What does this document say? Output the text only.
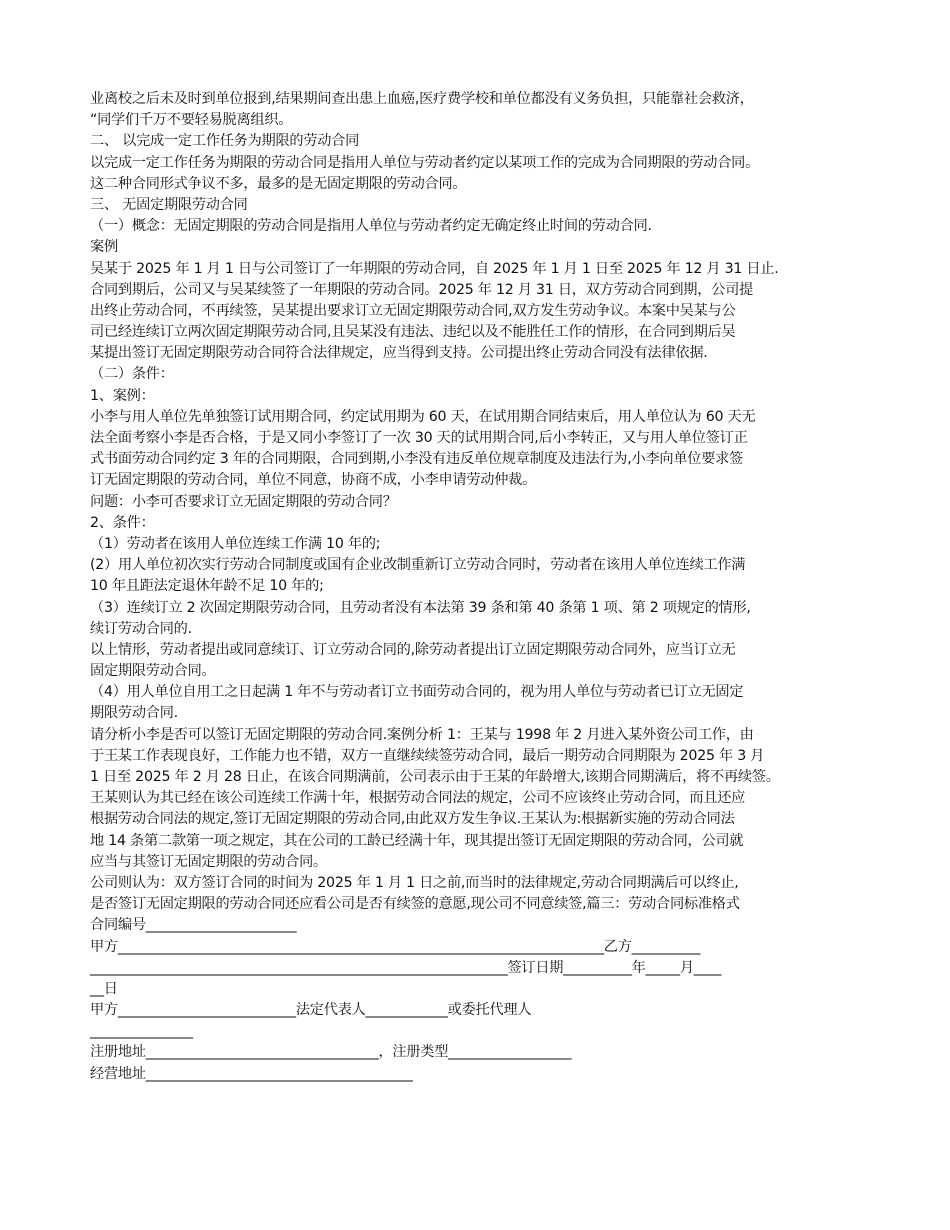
业离校之后未及时到单位报到,结果期间查出患上血癌,医疗费学校和单位都没有义务负担，只能靠社会救济，
“同学们千万不要轻易脱离组织。
二、 以完成一定工作任务为期限的劳动合同
以完成一定工作任务为期限的劳动合同是指用人单位与劳动者约定以某项工作的完成为合同期限的劳动合同。
这二种合同形式争议不多，最多的是无固定期限的劳动合同。
三、 无固定期限劳动合同
（一）概念：无固定期限的劳动合同是指用人单位与劳动者约定无确定终止时间的劳动合同.
案例
吴某于 2025 年 1 月 1 日与公司签订了一年期限的劳动合同，自 2025 年 1 月 1 日至 2025 年 12 月 31 日止.
合同到期后，公司又与吴某续签了一年期限的劳动合同。2025 年 12 月 31 日，双方劳动合同到期，公司提
出终止劳动合同，不再续签，吴某提出要求订立无固定期限劳动合同,双方发生劳动争议。本案中吴某与公
司已经连续订立两次固定期限劳动合同,且吴某没有违法、违纪以及不能胜任工作的情形，在合同到期后吴
某提出签订无固定期限劳动合同符合法律规定，应当得到支持。公司提出终止劳动合同没有法律依据.
（二）条件：
1、案例：
小李与用人单位先单独签订试用期合同，约定试用期为 60 天，在试用期合同结束后，用人单位认为 60 天无
法全面考察小李是否合格，于是又同小李签订了一次 30 天的试用期合同,后小李转正，又与用人单位签订正
式书面劳动合同约定 3 年的合同期限，合同到期,小李没有违反单位规章制度及违法行为,小李向单位要求签
订无固定期限的劳动合同，单位不同意，协商不成，小李申请劳动仲裁。
问题：小李可否要求订立无固定期限的劳动合同？
2、条件：
（1）劳动者在该用人单位连续工作满 10 年的;
(2）用人单位初次实行劳动合同制度或国有企业改制重新订立劳动合同时，劳动者在该用人单位连续工作满
10 年且距法定退休年龄不足 10 年的;
（3）连续订立 2 次固定期限劳动合同，且劳动者没有本法第 39 条和第 40 条第 1 项、第 2 项规定的情形,
续订劳动合同的.
以上情形，劳动者提出或同意续订、订立劳动合同的,除劳动者提出订立固定期限劳动合同外，应当订立无
固定期限劳动合同。
（4）用人单位自用工之日起满 1 年不与劳动者订立书面劳动合同的，视为用人单位与劳动者已订立无固定
期限劳动合同.
请分析小李是否可以签订无固定期限的劳动合同.案例分析 1：王某与 1998 年 2 月进入某外资公司工作，由
于王某工作表现良好，工作能力也不错，双方一直继续续签劳动合同，最后一期劳动合同期限为 2025 年 3 月
1 日至 2025 年 2 月 28 日止，在该合同期满前，公司表示由于王某的年龄增大,该期合同期满后，将不再续签。
王某则认为其已经在该公司连续工作满十年，根据劳动合同法的规定，公司不应该终止劳动合同，而且还应
根据劳动合同法的规定,签订无固定期限的劳动合同,由此双方发生争议.王某认为:根据新实施的劳动合同法
地 14 条第二款第一项之规定，其在公司的工龄已经满十年，现其提出签订无固定期限的劳动合同，公司就
应当与其签订无固定期限的劳动合同。
公司则认为：双方签订合同的时间为 2025 年 1 月 1 日之前,而当时的法律规定,劳动合同期满后可以终止,
是否签订无固定期限的劳动合同还应看公司是否有续签的意愿,现公司不同意续签,篇三：劳动合同标准格式
合同编号______________________
甲方_______________________________________________________________________乙方__________
_____________________________________________________________签订日期__________年_____月____
__日
甲方__________________________法定代表人____________或委托代理人
_______________
注册地址__________________________________，注册类型__________________
经营地址_______________________________________
